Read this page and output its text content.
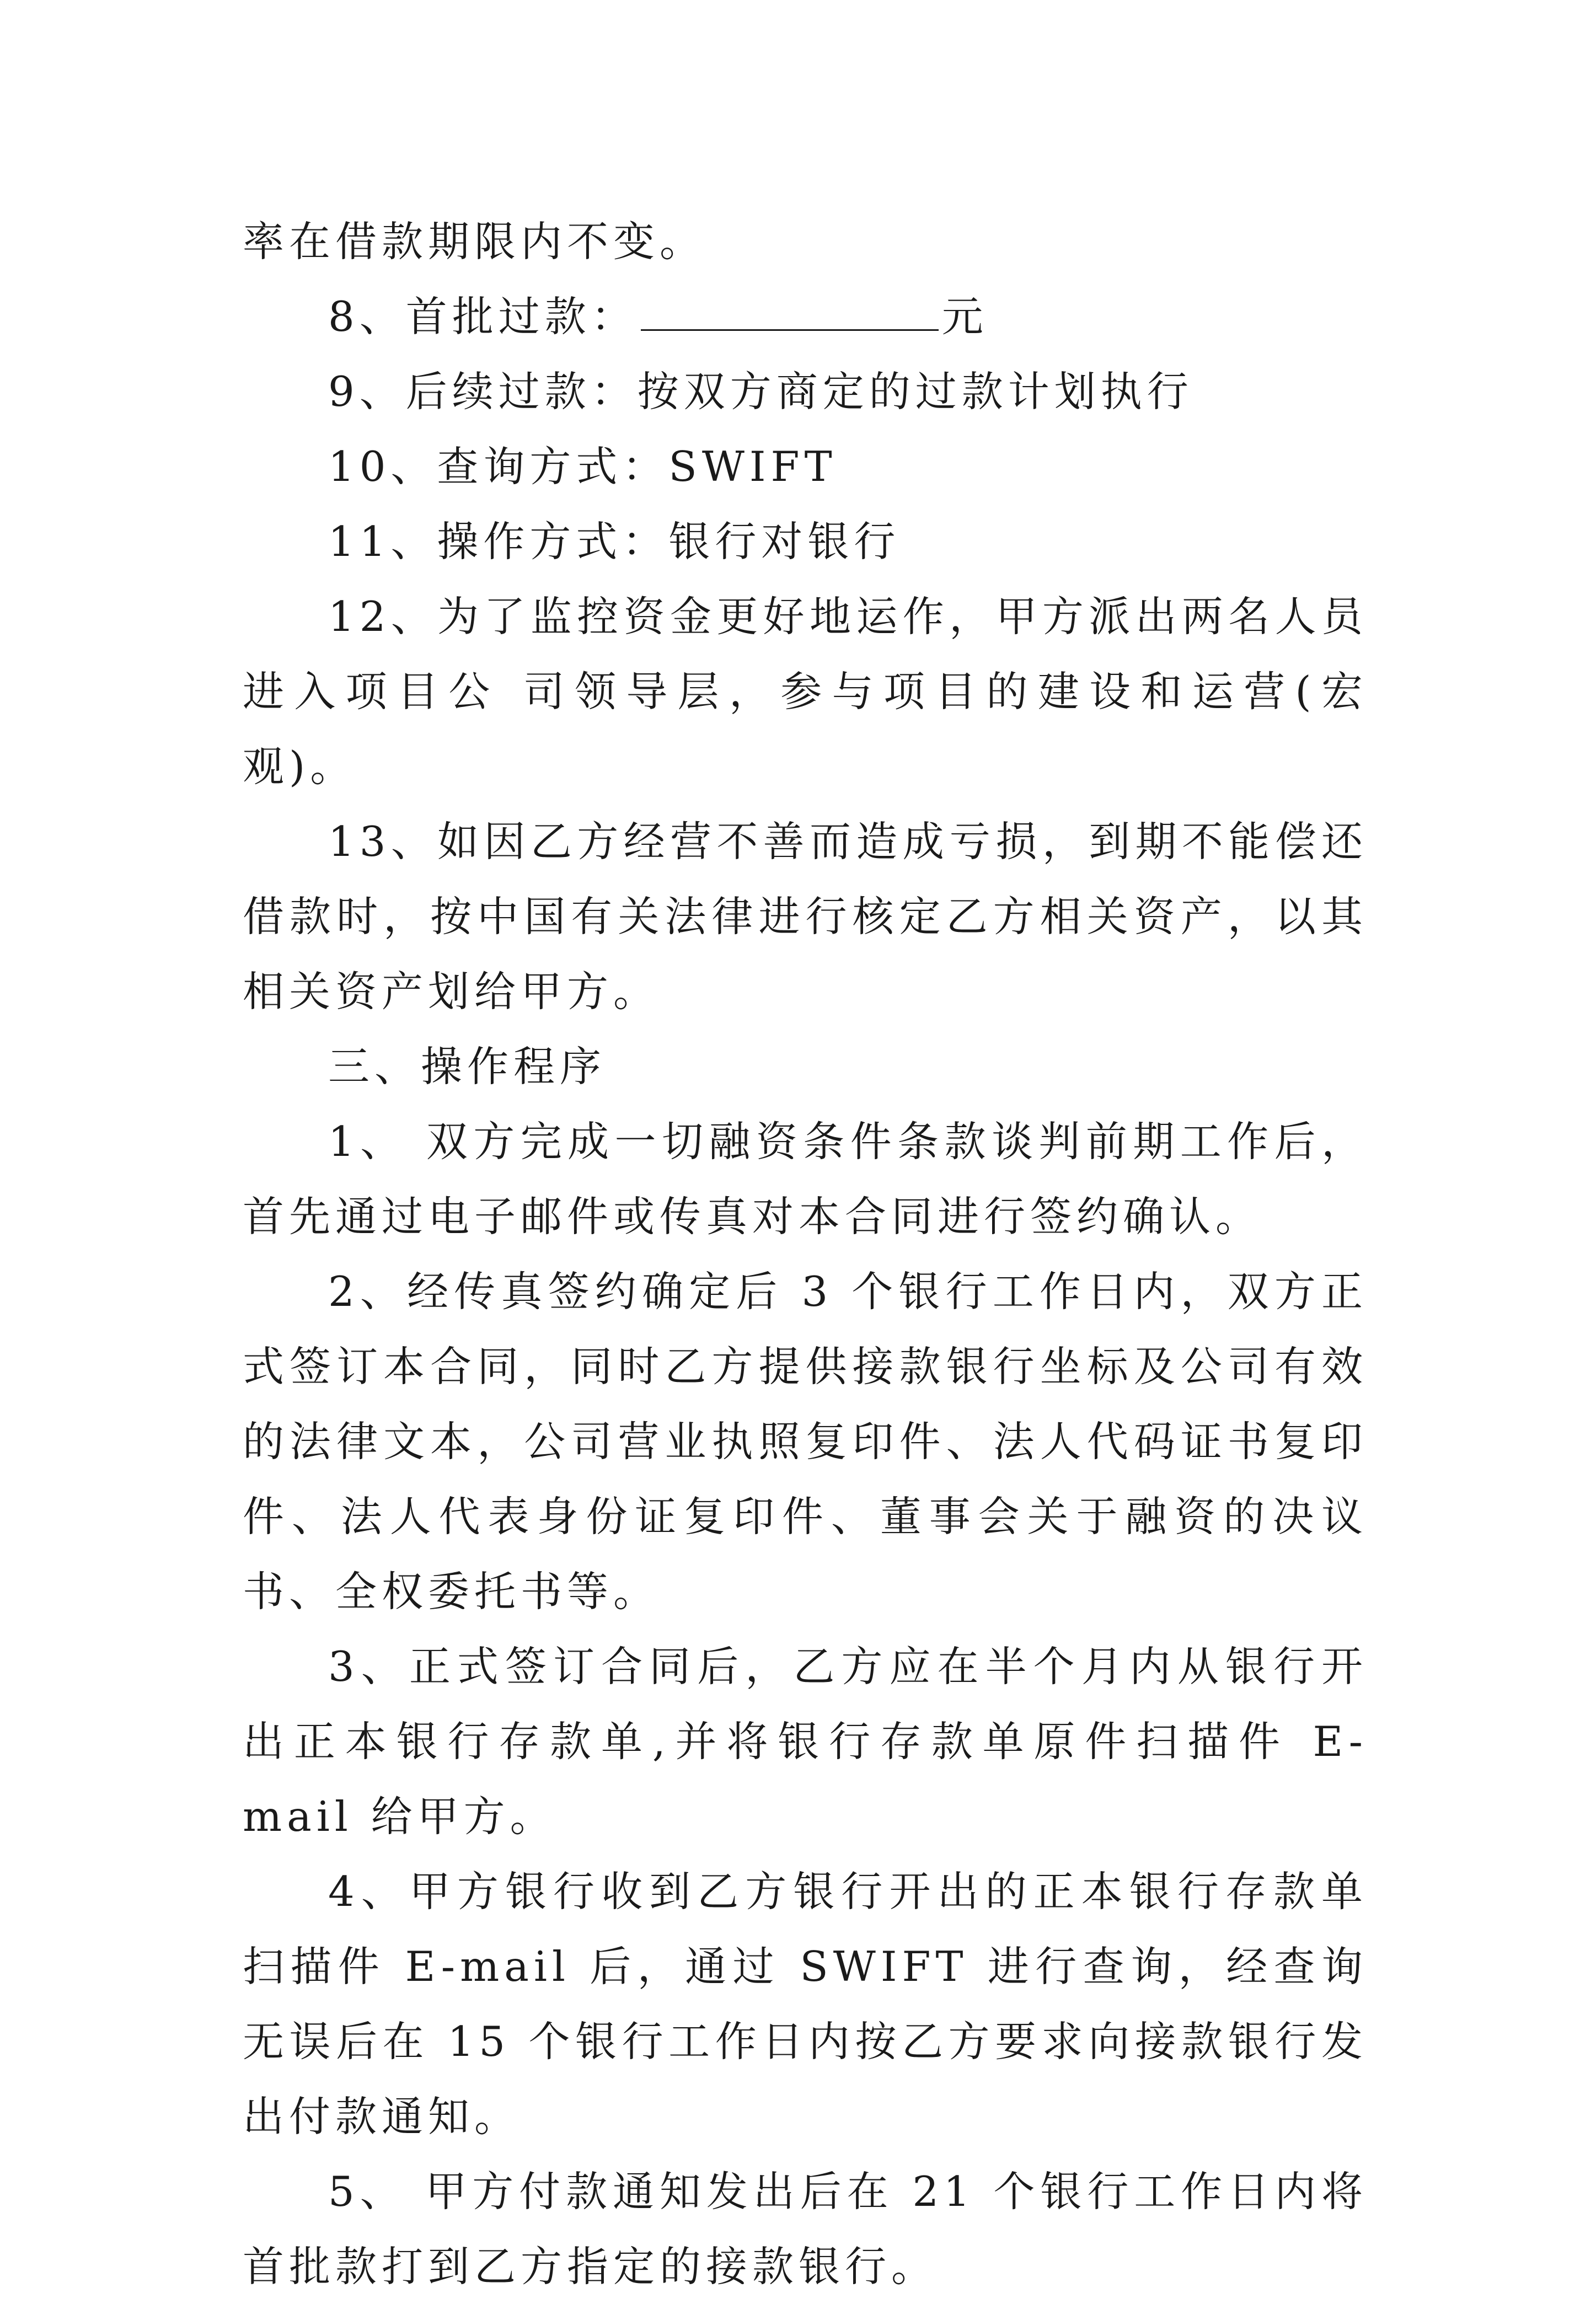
率在借款期限内不变。

8、首批过款：	元

9、后续过款：按双方商定的过款计划执行

10、查询方式：SWIFT

11、操作方式：银行对银行

12、为了监控资金更好地运作，甲方派出两名人员进入项目公 司领导层，参与项目的建设和运营(宏观)。

13、如因乙方经营不善而造成亏损，到期不能偿还借款时，按中国有关法律进行核定乙方相关资产，以其相关资产划给甲方。

三、操作程序

1、 双方完成一切融资条件条款谈判前期工作后，首先通过电子邮件或传真对本合同进行签约确认。

2、经传真签约确定后 3 个银行工作日内，双方正式签订本合同，同时乙方提供接款银行坐标及公司有效的法律文本，公司营业执照复印件、法人代码证书复印件、法人代表身份证复印件、董事会关于融资的决议书、全权委托书等。

3、正式签订合同后，乙方应在半个月内从银行开出正本银行存款单,并将银行存款单原件扫描件 E-mail 给甲方。

4、甲方银行收到乙方银行开出的正本银行存款单扫描件 E-mail 后，通过 SWIFT 进行查询，经查询无误后在 15 个银行工作日内按乙方要求向接款银行发出付款通知。

5、 甲方付款通知发出后在 21 个银行工作日内将首批款打到乙方指定的接款银行。
